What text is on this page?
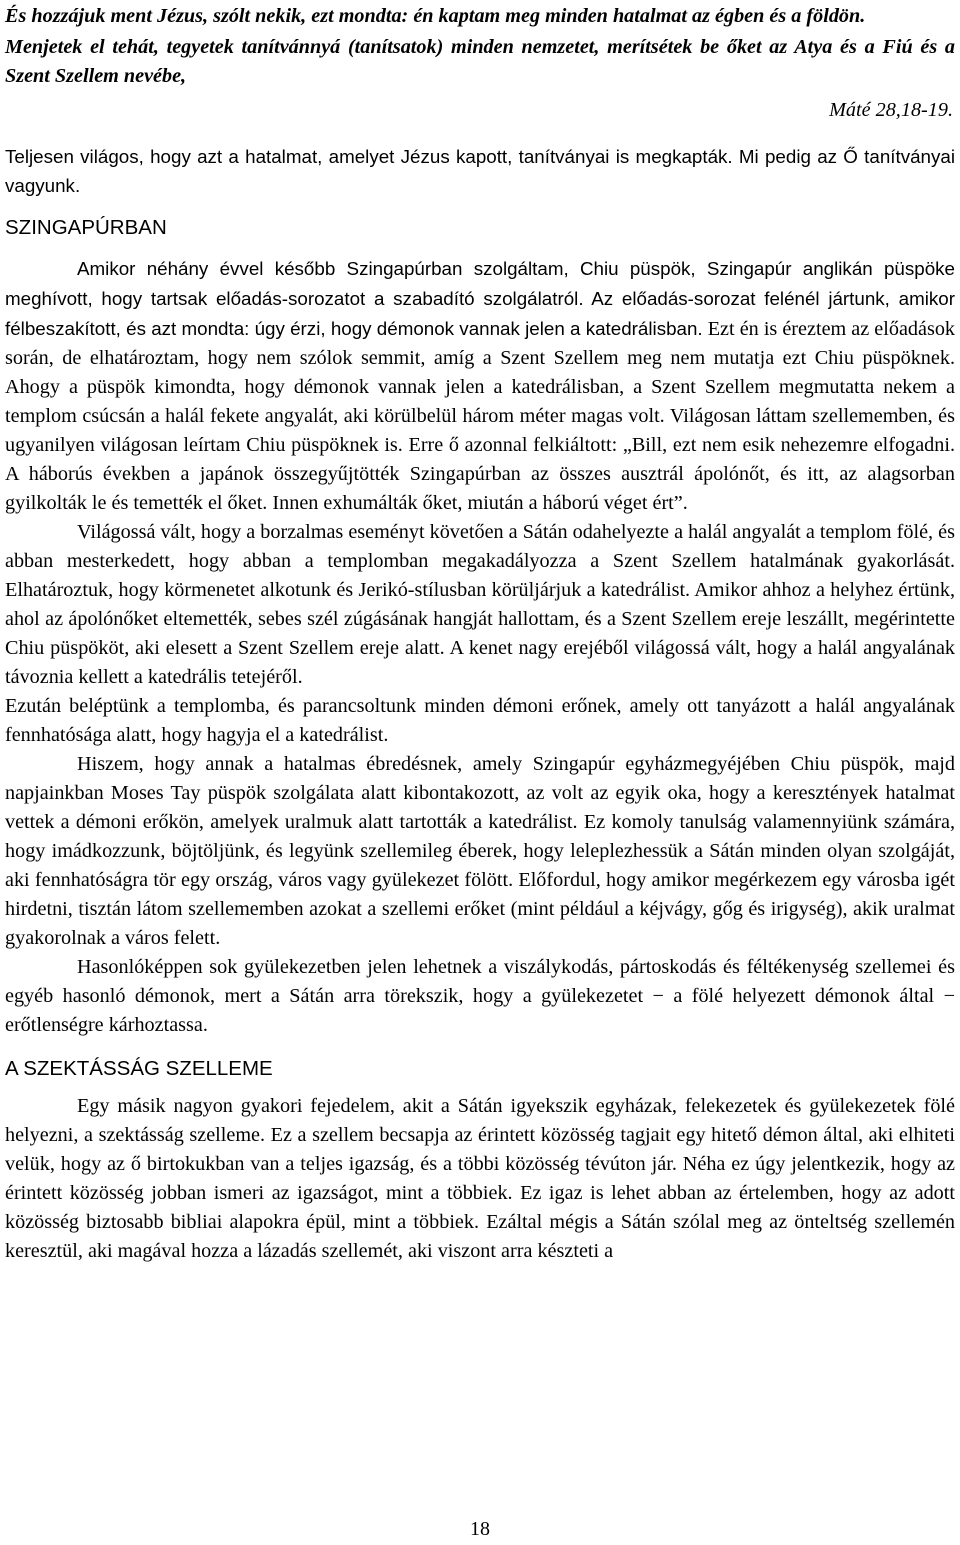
És hozzájuk ment Jézus, szólt nekik, ezt mondta: én kaptam meg minden hatalmat az égben és a földön.

Menjetek el tehát, tegyetek tanítvánnyá (tanítsatok) minden nemzetet, merítsétek be őket az Atya és a Fiú és a Szent Szellem nevébe,

Máté 28,18-19.

Teljesen világos, hogy azt a hatalmat, amelyet Jézus kapott, tanítványai is megkapták. Mi pedig az Ő tanítványai vagyunk.

SZINGAPÚRBAN

Amikor néhány évvel később Szingapúrban szolgáltam, Chiu püspök, Szingapúr anglikán püspöke meghívott, hogy tartsak előadás-sorozatot a szabadító szolgálatról. Az előadás-sorozat felénél jártunk, amikor félbeszakított, és azt mondta: úgy érzi, hogy démonok vannak jelen a katedrálisban. Ezt én is éreztem az előadások során, de elhatároztam, hogy nem szólok semmit, amíg a Szent Szellem meg nem mutatja ezt Chiu püspöknek. Ahogy a püspök kimondta, hogy démonok vannak jelen a katedrálisban, a Szent Szellem megmutatta nekem a templom csúcsán a halál fekete angyalát, aki körülbelül három méter magas volt. Világosan láttam szellememben, és ugyanilyen világosan leírtam Chiu püspöknek is. Erre ő azonnal felkiáltott: „Bill, ezt nem esik nehezemre elfogadni. A háborús években a japánok összegyűjtötték Szingapúrban az összes ausztrál ápolónőt, és itt, az alagsorban gyilkolták le és temették el őket. Innen exhumálták őket, miután a háború véget ért”.

Világossá vált, hogy a borzalmas eseményt követően a Sátán odahelyezte a halál angyalát a templom fölé, és abban mesterkedett, hogy abban a templomban megakadályozza a Szent Szellem hatalmának gyakorlását. Elhatároztuk, hogy körmenetet alkotunk és Jerikó-stílusban körüljárjuk a katedrálist. Amikor ahhoz a helyhez értünk, ahol az ápolónőket eltemették, sebes szél zúgásának hangját hallottam, és a Szent Szellem ereje leszállt, megérintette Chiu püspököt, aki elesett a Szent Szellem ereje alatt. A kenet nagy erejéből világossá vált, hogy a halál angyalának távoznia kellett a katedrális tetejéről.

Ezután beléptünk a templomba, és parancsoltunk minden démoni erőnek, amely ott tanyázott a halál angyalának fennhatósága alatt, hogy hagyja el a katedrálist.

Hiszem, hogy annak a hatalmas ébredésnek, amely Szingapúr egyházmegyéjében Chiu püspök, majd napjainkban Moses Tay püspök szolgálata alatt kibontakozott, az volt az egyik oka, hogy a keresztények hatalmat vettek a démoni erőkön, amelyek uralmuk alatt tartották a katedrálist. Ez komoly tanulság valamennyiünk számára, hogy imádkozzunk, böjtöljünk, és legyünk szellemileg éberek, hogy leleplezhessük a Sátán minden olyan szolgáját, aki fennhatóságra tör egy ország, város vagy gyülekezet fölött. Előfordul, hogy amikor megérkezem egy városba igét hirdetni, tisztán látom szellememben azokat a szellemi erőket (mint például a kéjvágy, gőg és irigység), akik uralmat gyakorolnak a város felett.

Hasonlóképpen sok gyülekezetben jelen lehetnek a viszálykodás, pártoskodás és féltékenység szellemei és egyéb hasonló démonok, mert a Sátán arra törekszik, hogy a gyülekezetet − a fölé helyezett démonok által − erőtlenségre kárhoztassa.

A SZEKTÁSSÁG SZELLEME

Egy másik nagyon gyakori fejedelem, akit a Sátán igyekszik egyházak, felekezetek és gyülekezetek fölé helyezni, a szektásság szelleme. Ez a szellem becsapja az érintett közösség tagjait egy hitető démon által, aki elhiteti velük, hogy az ő birtokukban van a teljes igazság, és a többi közösség tévúton jár. Néha ez úgy jelentkezik, hogy az érintett közösség jobban ismeri az igazságot, mint a többiek. Ez igaz is lehet abban az értelemben, hogy az adott közösség biztosabb bibliai alapokra épül, mint a többiek. Ezáltal mégis a Sátán szólal meg az önteltség szellemén keresztül, aki magával hozza a lázadás szellemét, aki viszont arra készteti a

18
